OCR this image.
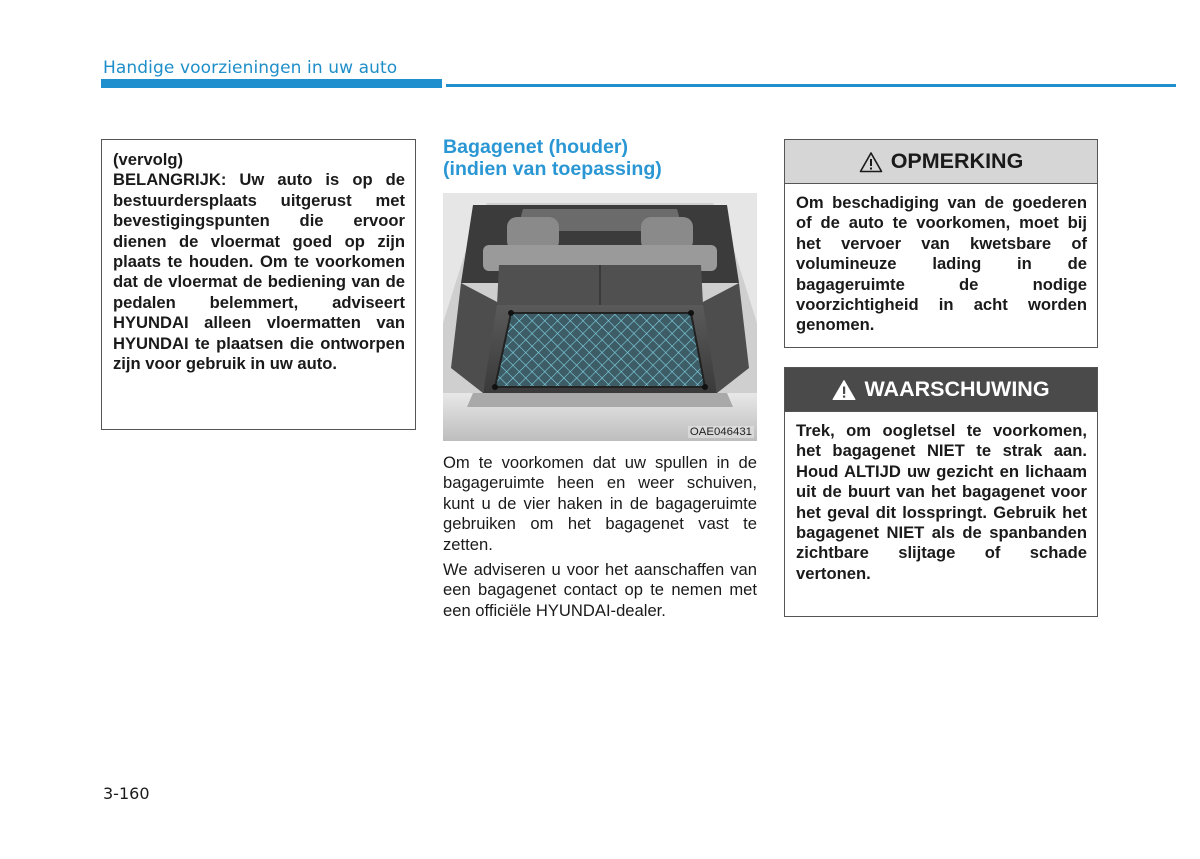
Handige voorzieningen in uw auto

(vervolg)

BELANGRIJK: Uw auto is op de bestuurdersplaats uitgerust met bevestigingspunten die ervoor dienen de vloermat goed op zijn plaats te houden. Om te voorkomen dat de vloermat de bediening van de pedalen belemmert, adviseert HYUNDAI alleen vloermatten van HYUNDAI te plaatsen die ontworpen zijn voor gebruik in uw auto.

Bagagenet (houder)
(indien van toepassing)
OAE046431

Om te voorkomen dat uw spullen in de bagageruimte heen en weer schuiven, kunt u de vier haken in de bagageruimte gebruiken om het bagagenet vast te zetten.

We adviseren u voor het aanschaffen van een bagagenet contact op te nemen met een officiële HYUNDAI-dealer.

OPMERKING

Om beschadiging van de goederen of de auto te voorkomen, moet bij het vervoer van kwetsbare of volumineuze lading in de bagageruimte de nodige voorzichtigheid in acht worden genomen.

WAARSCHUWING

Trek, om oogletsel te voorkomen, het bagagenet NIET te strak aan. Houd ALTIJD uw gezicht en lichaam uit de buurt van het bagagenet voor het geval dit losspringt. Gebruik het bagagenet NIET als de spanbanden zichtbare slijtage of schade vertonen.

3-160
